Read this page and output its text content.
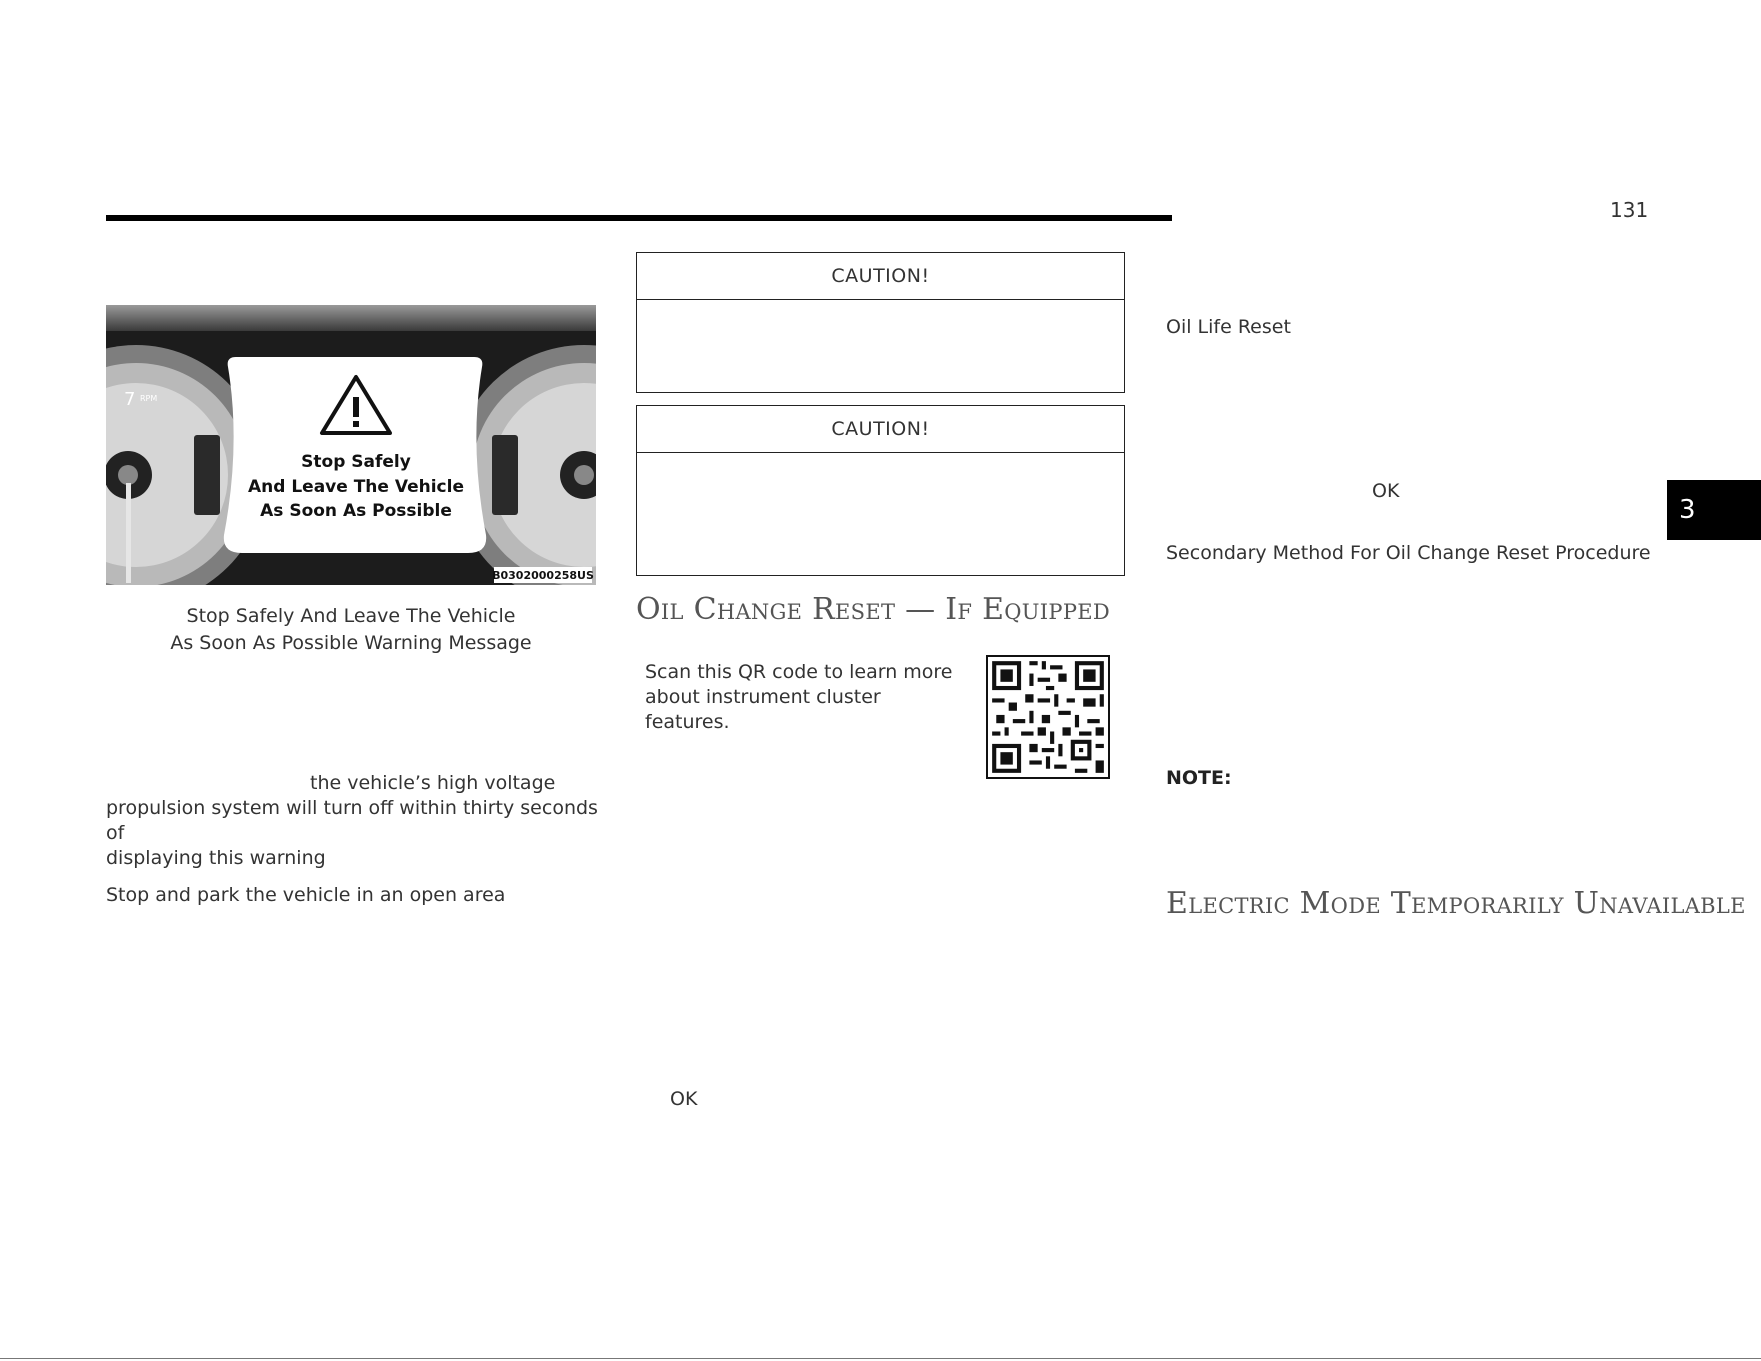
131
3
7 RPM
Stop Safely
And Leave The Vehicle
As Soon As Possible
B0302000258US
Stop Safely And Leave The Vehicle
As Soon As Possible Warning Message
the vehicle’s high voltage
propulsion system will turn off within thirty seconds of
displaying this warning
Stop and park the vehicle in an open area
CAUTION!
CAUTION!
Oil Change Reset — If Equipped
Scan this QR code to learn more
about instrument cluster features.
OK
Oil Life Reset
OK
Secondary Method For Oil Change Reset Procedure
NOTE:
Electric Mode Temporarily Unavailable
